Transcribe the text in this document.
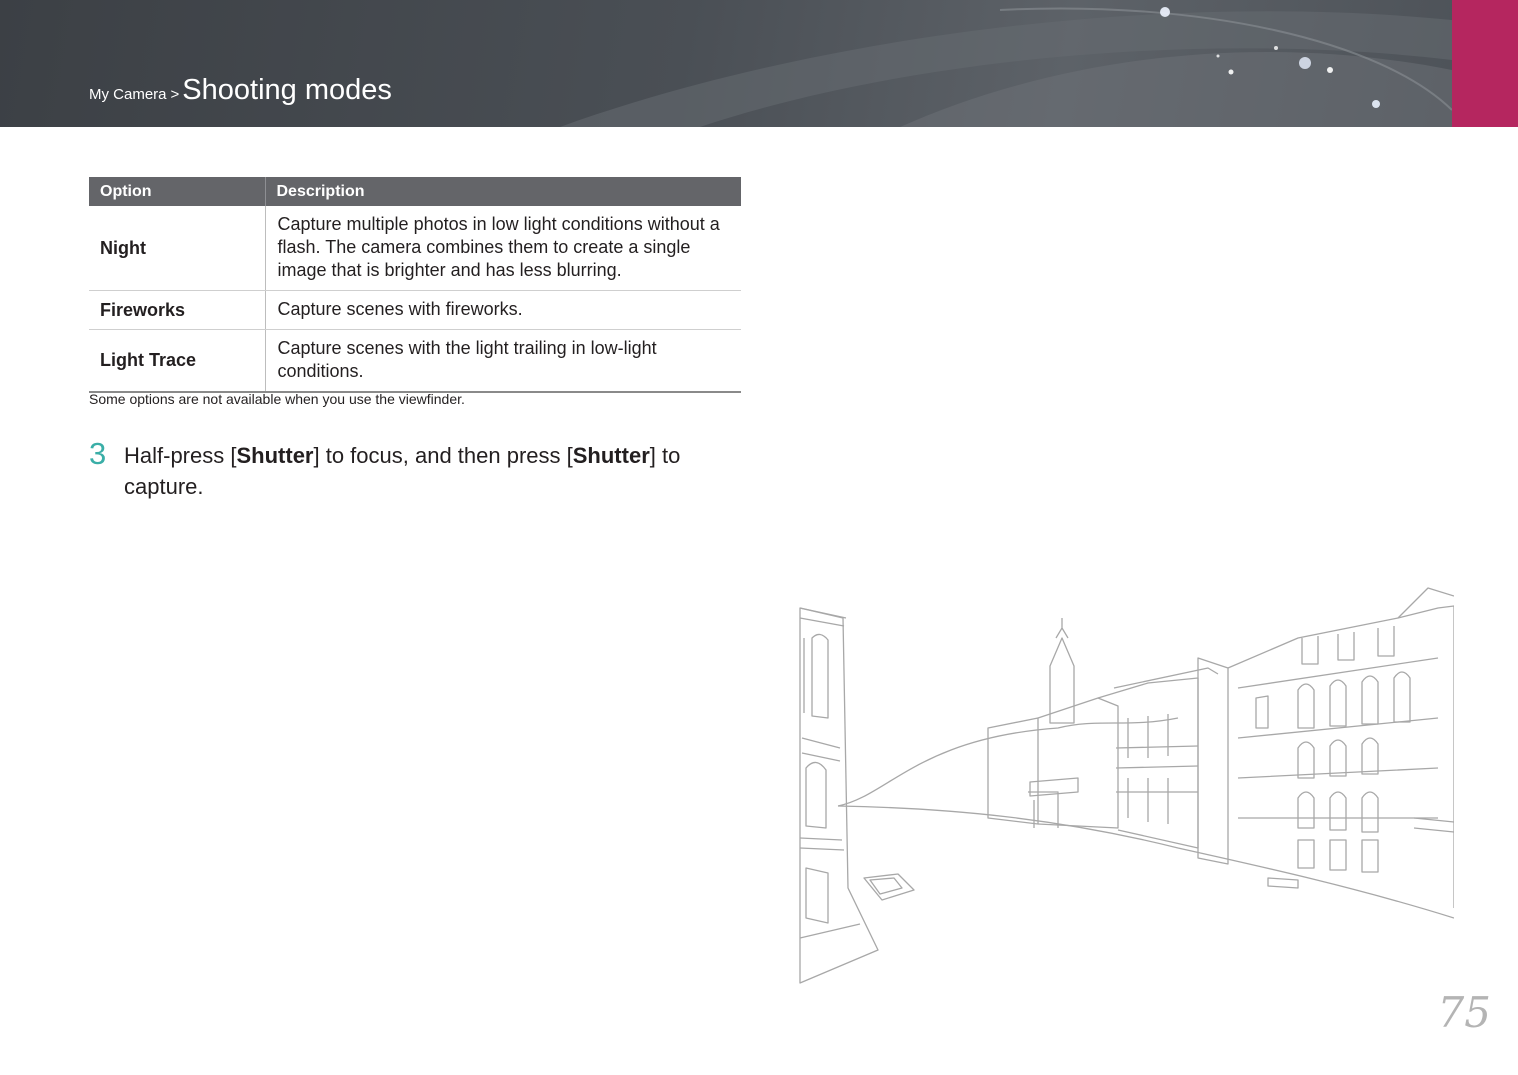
My Camera > Shooting modes
Option	Description
Night	Capture multiple photos in low light conditions without a flash. The camera combines them to create a single image that is brighter and has less blurring.
Fireworks	Capture scenes with fireworks.
Light Trace	Capture scenes with the light trailing in low-light conditions.
Some options are not available when you use the viewfinder.
3 Half-press [Shutter] to focus, and then press [Shutter] to capture.
75
